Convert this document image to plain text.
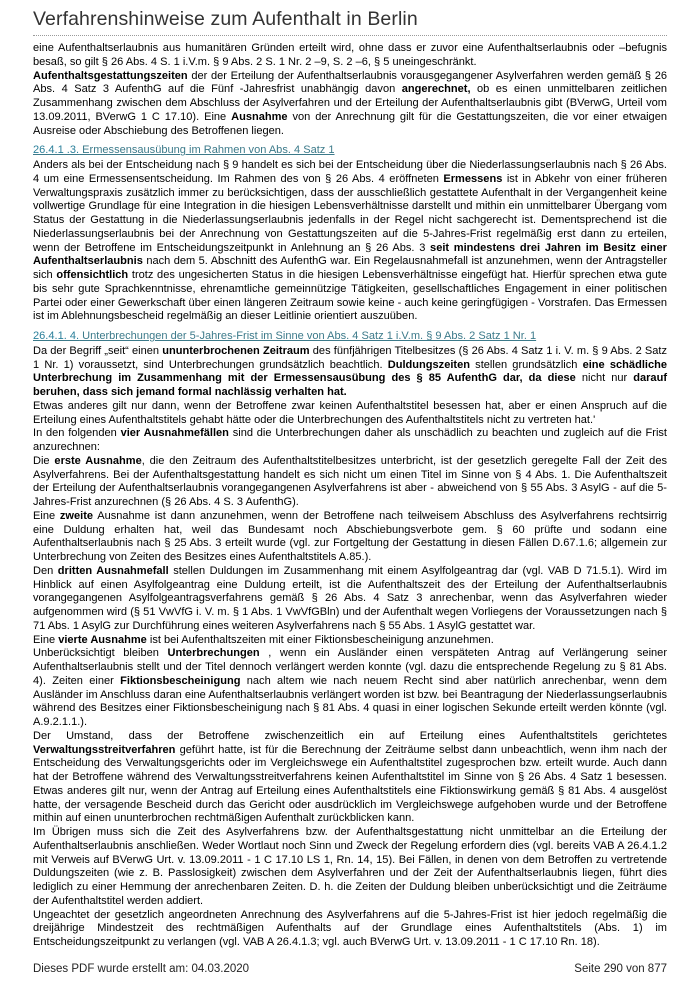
Verfahrenshinweise zum Aufenthalt in Berlin

eine Aufenthaltserlaubnis aus humanitären Gründen erteilt wird, ohne dass er zuvor eine Aufenthaltserlaubnis oder –befugnis besaß, so gilt § 26 Abs. 4 S. 1 i.V.m. § 9 Abs. 2 S. 1 Nr. 2 –9, S. 2 –6, § 5 uneingeschränkt.

Aufenthaltsgestattungszeiten der der Erteilung der Aufenthaltserlaubnis vorausgegangener Asylverfahren werden gemäß § 26 Abs. 4 Satz 3 AufenthG auf die Fünf -Jahresfrist unabhängig davon angerechnet, ob es einen unmittelbaren zeitlichen Zusammenhang zwischen dem Abschluss der Asylverfahren und der Erteilung der Aufenthaltserlaubnis gibt (BVerwG, Urteil vom 13.09.2011, BVerwG 1 C 17.10). Eine Ausnahme von der Anrechnung gilt für die Gestattungszeiten, die vor einer etwaigen Ausreise oder Abschiebung des Betroffenen liegen.

26.4.1 .3. Ermessensausübung im Rahmen von Abs. 4 Satz 1

Anders als bei der Entscheidung nach § 9 handelt es sich bei der Entscheidung über die Niederlassungserlaubnis nach § 26 Abs. 4 um eine Ermessensentscheidung. Im Rahmen des von § 26 Abs. 4 eröffneten Ermessens ist in Abkehr von einer früheren Verwaltungspraxis zusätzlich immer zu berücksichtigen, dass der ausschließlich gestattete Aufenthalt in der Vergangenheit keine vollwertige Grundlage für eine Integration in die hiesigen Lebensverhältnisse darstellt und mithin ein unmittelbarer Übergang vom Status der Gestattung in die Niederlassungserlaubnis jedenfalls in der Regel nicht sachgerecht ist. Dementsprechend ist die Niederlassungserlaubnis bei der Anrechnung von Gestattungszeiten auf die 5-Jahres-Frist regelmäßig erst dann zu erteilen, wenn der Betroffene im Entscheidungszeitpunkt in Anlehnung an § 26 Abs. 3 seit mindestens drei Jahren im Besitz einer Aufenthaltserlaubnis nach dem 5. Abschnitt des AufenthG war. Ein Regelausnahmefall ist anzunehmen, wenn der Antragsteller sich offensichtlich trotz des ungesicherten Status in die hiesigen Lebensverhältnisse eingefügt hat. Hierfür sprechen etwa gute bis sehr gute Sprachkenntnisse, ehrenamtliche gemeinnützige Tätigkeiten, gesellschaftliches Engagement in einer politischen Partei oder einer Gewerkschaft über einen längeren Zeitraum sowie keine - auch keine geringfügigen - Vorstrafen. Das Ermessen ist im Ablehnungsbescheid regelmäßig an dieser Leitlinie orientiert auszuüben.

26.4.1. 4. Unterbrechungen der 5-Jahres-Frist im Sinne von Abs. 4 Satz 1 i.V.m. § 9 Abs. 2 Satz 1 Nr. 1

Da der Begriff „seit“ einen ununterbrochenen Zeitraum des fünfjährigen Titelbesitzes (§ 26 Abs. 4 Satz 1 i. V. m. § 9 Abs. 2 Satz 1 Nr. 1) voraussetzt, sind Unterbrechungen grundsätzlich beachtlich. Duldungszeiten stellen grundsätzlich eine schädliche Unterbrechung im Zusammenhang mit der Ermessensausübung des § 85 AufenthG dar, da diese nicht nur darauf beruhen, dass sich jemand formal nachlässig verhalten hat.

Etwas anderes gilt nur dann, wenn der Betroffene zwar keinen Aufenthaltstitel besessen hat, aber er einen Anspruch auf die Erteilung eines Aufenthaltstitels gehabt hätte oder die Unterbrechungen des Aufenthaltstitels nicht zu vertreten hat.'

In den folgenden vier Ausnahmefällen sind die Unterbrechungen daher als unschädlich zu beachten und zugleich auf die Frist anzurechnen:

Die erste Ausnahme, die den Zeitraum des Aufenthaltstitelbesitzes unterbricht, ist der gesetzlich geregelte Fall der Zeit des Asylverfahrens. Bei der Aufenthaltsgestattung handelt es sich nicht um einen Titel im Sinne von § 4 Abs. 1. Die Aufenthaltszeit der Erteilung der Aufenthaltserlaubnis vorangegangenen Asylverfahrens ist aber - abweichend von § 55 Abs. 3 AsylG - auf die 5-Jahres-Frist anzurechnen (§ 26 Abs. 4 S. 3 AufenthG).

Eine zweite Ausnahme ist dann anzunehmen, wenn der Betroffene nach teilweisem Abschluss des Asylverfahrens rechtsirrig eine Duldung erhalten hat, weil das Bundesamt noch Abschiebungsverbote gem. § 60 prüfte und sodann eine Aufenthaltserlaubnis nach § 25 Abs. 3 erteilt wurde (vgl. zur Fortgeltung der Gestattung in diesen Fällen D.67.1.6; allgemein zur Unterbrechung von Zeiten des Besitzes eines Aufenthaltstitels A.85.).

Den dritten Ausnahmefall stellen Duldungen im Zusammenhang mit einem Asylfolgeantrag dar (vgl. VAB D 71.5.1). Wird im Hinblick auf einen Asylfolgeantrag eine Duldung erteilt, ist die Aufenthaltszeit des der Erteilung der Aufenthaltserlaubnis vorangegangenen Asylfolgeantragsverfahrens gemäß § 26 Abs. 4 Satz 3 anrechenbar, wenn das Asylverfahren wieder aufgenommen wird (§ 51 VwVfG i. V. m. § 1 Abs. 1 VwVfGBln) und der Aufenthalt wegen Vorliegens der Voraussetzungen nach § 71 Abs. 1 AsylG zur Durchführung eines weiteren Asylverfahrens nach § 55 Abs. 1 AsylG gestattet war.

Eine vierte Ausnahme ist bei Aufenthaltszeiten mit einer Fiktionsbescheinigung anzunehmen.

Unberücksichtigt bleiben Unterbrechungen , wenn ein Ausländer einen verspäteten Antrag auf Verlängerung seiner Aufenthaltserlaubnis stellt und der Titel dennoch verlängert werden konnte (vgl. dazu die entsprechende Regelung zu § 81 Abs. 4). Zeiten einer Fiktionsbescheinigung nach altem wie nach neuem Recht sind aber natürlich anrechenbar, wenn dem Ausländer im Anschluss daran eine Aufenthaltserlaubnis verlängert worden ist bzw. bei Beantragung der Niederlassungserlaubnis während des Besitzes einer Fiktionsbescheinigung nach § 81 Abs. 4 quasi in einer logischen Sekunde erteilt werden könnte (vgl. A.9.2.1.1.).

Der Umstand, dass der Betroffene zwischenzeitlich ein auf Erteilung eines Aufenthaltstitels gerichtetes Verwaltungsstreitverfahren geführt hatte, ist für die Berechnung der Zeiträume selbst dann unbeachtlich, wenn ihm nach der Entscheidung des Verwaltungsgerichts oder im Vergleichswege ein Aufenthaltstitel zugesprochen bzw. erteilt wurde. Auch dann hat der Betroffene während des Verwaltungsstreitverfahrens keinen Aufenthaltstitel im Sinne von § 26 Abs. 4 Satz 1 besessen. Etwas anderes gilt nur, wenn der Antrag auf Erteilung eines Aufenthaltstitels eine Fiktionswirkung gemäß § 81 Abs. 4 ausgelöst hatte, der versagende Bescheid durch das Gericht oder ausdrücklich im Vergleichswege aufgehoben wurde und der Betroffene mithin auf einen ununterbrochen rechtmäßigen Aufenthalt zurückblicken kann.

Im Übrigen muss sich die Zeit des Asylverfahrens bzw. der Aufenthaltsgestattung nicht unmittelbar an die Erteilung der Aufenthaltserlaubnis anschließen. Weder Wortlaut noch Sinn und Zweck der Regelung erfordern dies (vgl. bereits VAB A 26.4.1.2 mit Verweis auf BVerwG Urt. v. 13.09.2011 - 1 C 17.10 LS 1, Rn. 14, 15). Bei Fällen, in denen von dem Betroffen zu vertretende Duldungszeiten (wie z. B. Passlosigkeit) zwischen dem Asylverfahren und der Zeit der Aufenthaltserlaubnis liegen, führt dies lediglich zu einer Hemmung der anrechenbaren Zeiten. D. h. die Zeiten der Duldung bleiben unberücksichtigt und die Zeiträume der Aufenthaltstitel werden addiert.

Ungeachtet der gesetzlich angeordneten Anrechnung des Asylverfahrens auf die 5-Jahres-Frist ist hier jedoch regelmäßig die dreijährige Mindestzeit des rechtmäßigen Aufenthalts auf der Grundlage eines Aufenthaltstitels (Abs. 1) im Entscheidungszeitpunkt zu verlangen (vgl. VAB A 26.4.1.3; vgl. auch BVerwG Urt. v. 13.09.2011 - 1 C 17.10 Rn. 18).

Dieses PDF wurde erstellt am: 04.03.2020	Seite 290 von 877
